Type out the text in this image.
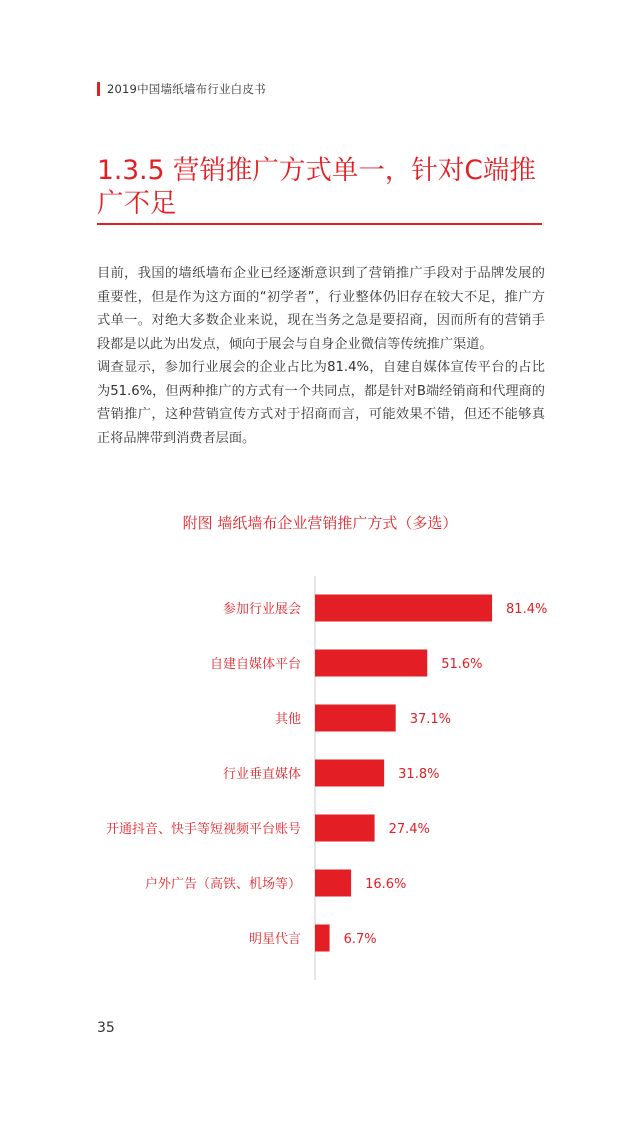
2019中国墙纸墙布行业白皮书
1.3.5 营销推广方式单一，针对C端推广不足

目前，我国的墙纸墙布企业已经逐渐意识到了营销推广手段对于品牌发展的重要性，但是作为这方面的“初学者”，行业整体仍旧存在较大不足，推广方式单一。对绝大多数企业来说，现在当务之急是要招商，因而所有的营销手段都是以此为出发点，倾向于展会与自身企业微信等传统推广渠道。

调查显示，参加行业展会的企业占比为81.4%，自建自媒体宣传平台的占比为51.6%，但两种推广的方式有一个共同点，都是针对B端经销商和代理商的营销推广，这种营销宣传方式对于招商而言，可能效果不错，但还不能够真正将品牌带到消费者层面。

附图 墙纸墙布企业营销推广方式（多选）
参加行业展会	81.4%
自建自媒体平台	51.6%
其他	37.1%
行业垂直媒体	31.8%
开通抖音、快手等短视频平台账号	27.4%
户外广告（高铁、机场等）	16.6%
明星代言	6.7%
35
